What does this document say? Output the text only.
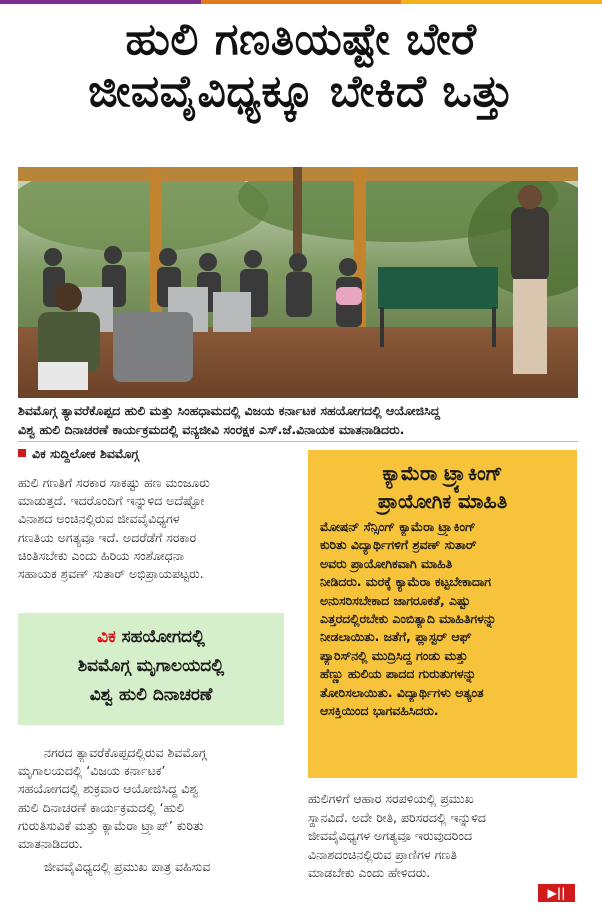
ಹುಲಿ ಗಣತಿಯಷ್ಟೇ ಬೇರೆ
ಜೀವವೈವಿಧ್ಯಕ್ಕೂ ಬೇಕಿದೆ ಒತ್ತು
ಶಿವಮೊಗ್ಗ ತ್ಯಾವರೆಕೊಪ್ಪದ ಹುಲಿ ಮತ್ತು ಸಿಂಹಧಾಮದಲ್ಲಿ ವಿಜಯ ಕರ್ನಾಟಕ ಸಹಯೋಗದಲ್ಲಿ ಆಯೋಜಿಸಿದ್ದ
ವಿಶ್ವ ಹುಲಿ ದಿನಾಚರಣೆ ಕಾರ್ಯಕ್ರಮದಲ್ಲಿ ವನ್ಯಜೀವಿ ಸಂರಕ್ಷಕ ಎಸ್‌.ಜೆ.ವಿನಾಯಕ ಮಾತನಾಡಿದರು.
ವಿಕ ಸುದ್ದಿಲೋಕ ಶಿವಮೊಗ್ಗ

ಹುಲಿ ಗಣತಿಗೆ ಸರಕಾರ ಸಾಕಷ್ಟು ಹಣ ಮಂಜೂರು

ಮಾಡುತ್ತದೆ. ಇದರೊಂದಿಗೆ ಇನ್ನುಳಿದ ಅದೆಷ್ಟೋ

ವಿನಾಶದ ಅಂಚಿನಲ್ಲಿರುವ ಜೀವವೈವಿಧ್ಯಗಳ

ಗಣತಿಯ ಅಗತ್ಯವೂ ಇದೆ. ಅದರೆಡೆಗೆ ಸರಕಾರ

ಚಿಂತಿಸಬೇಕು ಎಂದು ಹಿರಿಯ ಸಂಶೋಧನಾ

ಸಹಾಯಕ ಶ್ರವಣ್‌ ಸುತಾರ್‌ ಅಭಿಪ್ರಾಯಪಟ್ಟರು.

ವಿಕ ಸಹಯೋಗದಲ್ಲಿ
ಶಿವಮೊಗ್ಗ ಮೃಗಾಲಯದಲ್ಲಿ
ವಿಶ್ವ ಹುಲಿ ದಿನಾಚರಣೆ

ನಗರದ ತ್ಯಾವರೆಕೊಪ್ಪದಲ್ಲಿರುವ ಶಿವಮೊಗ್ಗ

ಮೃಗಾಲಯದಲ್ಲಿ ‘ವಿಜಯ ಕರ್ನಾಟಕ’

ಸಹಯೋಗದಲ್ಲಿ ಶುಕ್ರವಾರ ಆಯೋಜಿಸಿದ್ದ ವಿಶ್ವ

ಹುಲಿ ದಿನಾಚರಣೆ ಕಾರ್ಯಕ್ರಮದಲ್ಲಿ ‘ಹುಲಿ

ಗುರುತಿಸುವಿಕೆ ಮತ್ತು ಕ್ಯಾಮೆರಾ ಟ್ರ್ಯಾಪ್‌’ ಕುರಿತು

ಮಾತನಾಡಿದರು.

ಜೀವವೈವಿಧ್ಯದಲ್ಲಿ ಪ್ರಮುಖ ಪಾತ್ರ ವಹಿಸುವ

ಕ್ಯಾಮೆರಾ ಟ್ರ್ಯಾಕಿಂಗ್‌
ಪ್ರಾಯೋಗಿಕ ಮಾಹಿತಿ

ಮೋಷನ್‌ ಸೆನ್ಸಿಂಗ್‌ ಕ್ಯಾಮೆರಾ ಟ್ರ್ಯಾಕಿಂಗ್‌

ಕುರಿತು ವಿದ್ಯಾರ್ಥಿಗಳಿಗೆ ಶ್ರವಣ್‌ ಸುತಾರ್‌

ಅವರು ಪ್ರಾಯೋಗಿಕವಾಗಿ ಮಾಹಿತಿ

ನೀಡಿದರು. ಮರಕ್ಕೆ ಕ್ಯಾಮೆರಾ ಕಟ್ಟಬೇಕಾದಾಗ

ಅನುಸರಿಸಬೇಕಾದ ಜಾಗರೂಕತೆ, ಎಷ್ಟು

ಎತ್ತರದಲ್ಲಿರಬೇಕು ಎಂಬಿತ್ಯಾದಿ ಮಾಹಿತಿಗಳನ್ನು

ನೀಡಲಾಯಿತು. ಜತೆಗೆ, ಪ್ಲಾಸ್ಟರ್‌ ಆಫ್‌

ಪ್ಯಾರಿಸ್‌ನಲ್ಲಿ ಮುದ್ರಿಸಿದ್ದ ಗಂಡು ಮತ್ತು

ಹೆಣ್ಣು ಹುಲಿಯ ಪಾದದ ಗುರುತುಗಳನ್ನು

ತೋರಿಸಲಾಯಿತು. ವಿದ್ಯಾರ್ಥಿಗಳು ಅತ್ಯಂತ

ಆಸಕ್ತಿಯಿಂದ ಭಾಗವಹಿಸಿದರು.

ಹುಲಿಗಳಿಗೆ ಆಹಾರ ಸರಪಳಿಯಲ್ಲಿ ಪ್ರಮುಖ

ಸ್ಥಾನವಿದೆ. ಅದೇ ರೀತಿ, ಪರಿಸರದಲ್ಲಿ ಇನ್ನುಳಿದ

ಜೀವವೈವಿಧ್ಯಗಳ ಅಗತ್ಯವೂ ಇರುವುದರಿಂದ

ವಿನಾಶದಂಚಿನಲ್ಲಿರುವ ಪ್ರಾಣಿಗಳ ಗಣತಿ

ಮಾಡಬೇಕು ಎಂದು ಹೇಳಿದರು.

▶||
